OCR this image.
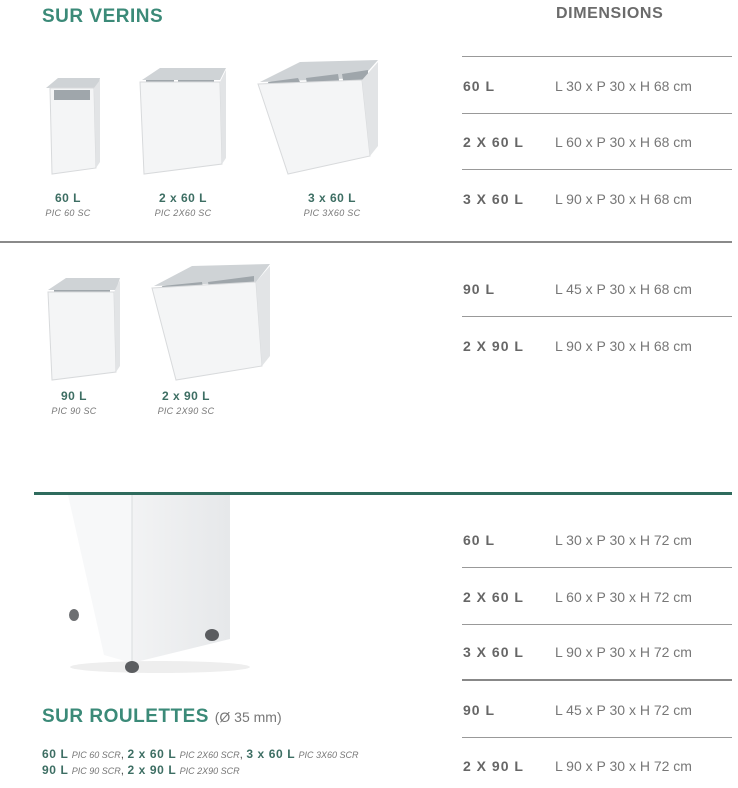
SUR VERINS	DIMENSIONS
60 L
PIC 60 SC
2 x 60 L
PIC 2X60 SC
3 x 60 L
PIC 3X60 SC
60 L	L 30 x P 30 x H 68 cm
2 X 60 L L 60 x P 30 x H 68 cm
3 X 60 L L 90 x P 30 x H 68 cm
90 L
PIC 90 SC
2 x 90 L
PIC 2X90 SC
90 L	L 45 x P 30 x H 68 cm
2 X 90 L L 90 x P 30 x H 68 cm
SUR ROULETTES (Ø 35 mm)
60 L PIC 60 SCR, 2 x 60 L PIC 2X60 SCR, 3 x 60 L PIC 3X60 SCR
90 L PIC 90 SCR, 2 x 90 L PIC 2X90 SCR
60 L	L 30 x P 30 x H 72 cm
2 X 60 L L 60 x P 30 x H 72 cm
3 X 60 L L 90 x P 30 x H 72 cm
90 L	L 45 x P 30 x H 72 cm
2 X 90 L L 90 x P 30 x H 72 cm
